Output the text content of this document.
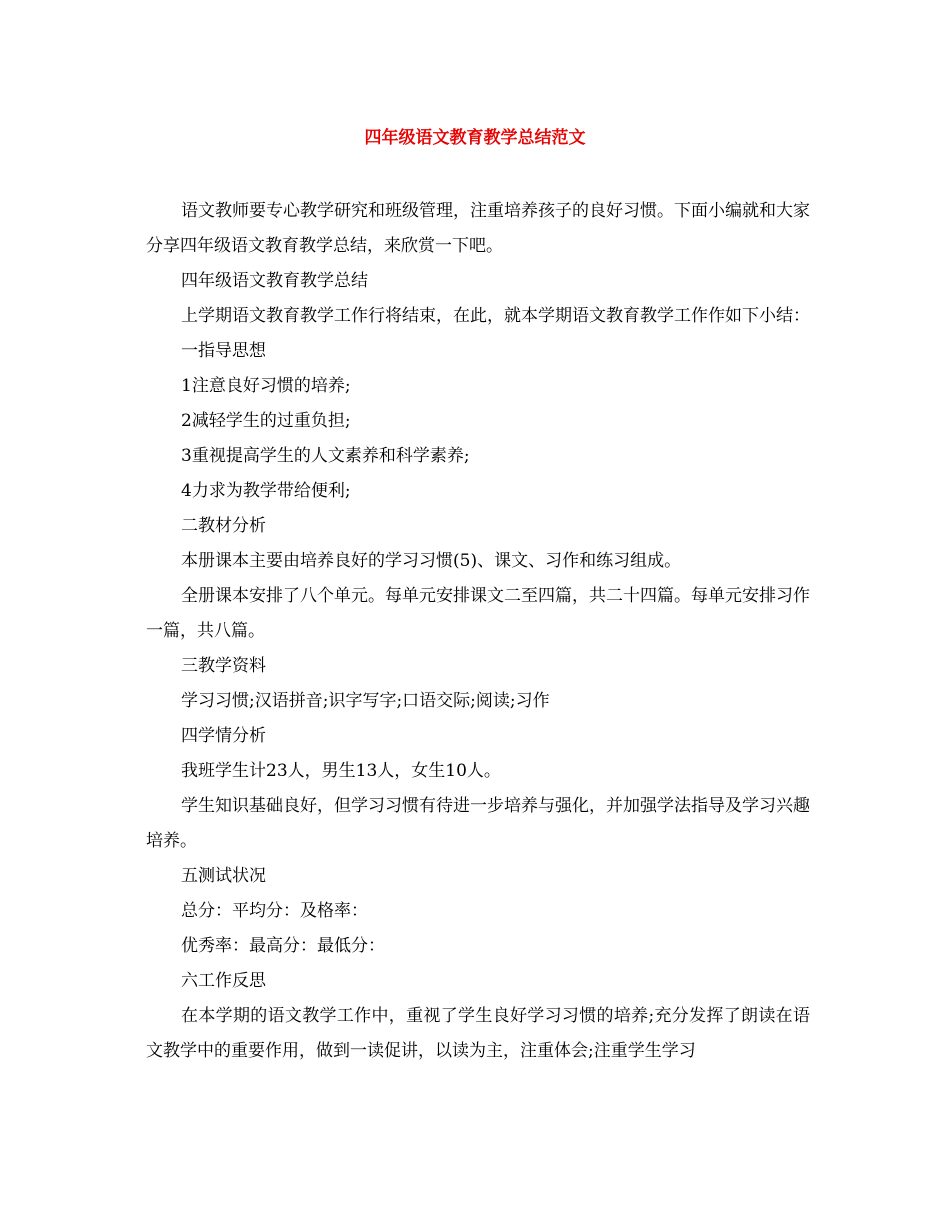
四年级语文教育教学总结范文

语文教师要专心教学研究和班级管理，注重培养孩子的良好习惯。下面小编就和大家分享四年级语文教育教学总结，来欣赏一下吧。

四年级语文教育教学总结

上学期语文教育教学工作行将结束，在此，就本学期语文教育教学工作作如下小结：

一指导思想

1注意良好习惯的培养;

2减轻学生的过重负担;

3重视提高学生的人文素养和科学素养;

4力求为教学带给便利;

二教材分析

本册课本主要由培养良好的学习习惯(5)、课文、习作和练习组成。

全册课本安排了八个单元。每单元安排课文二至四篇，共二十四篇。每单元安排习作一篇，共八篇。

三教学资料

学习习惯;汉语拼音;识字写字;口语交际;阅读;习作

四学情分析

我班学生计23人，男生13人，女生10人。

学生知识基础良好，但学习习惯有待进一步培养与强化，并加强学法指导及学习兴趣培养。

五测试状况

总分：平均分：及格率：

优秀率：最高分：最低分：

六工作反思

在本学期的语文教学工作中，重视了学生良好学习习惯的培养;充分发挥了朗读在语文教学中的重要作用，做到一读促讲，以读为主，注重体会;注重学生学习
